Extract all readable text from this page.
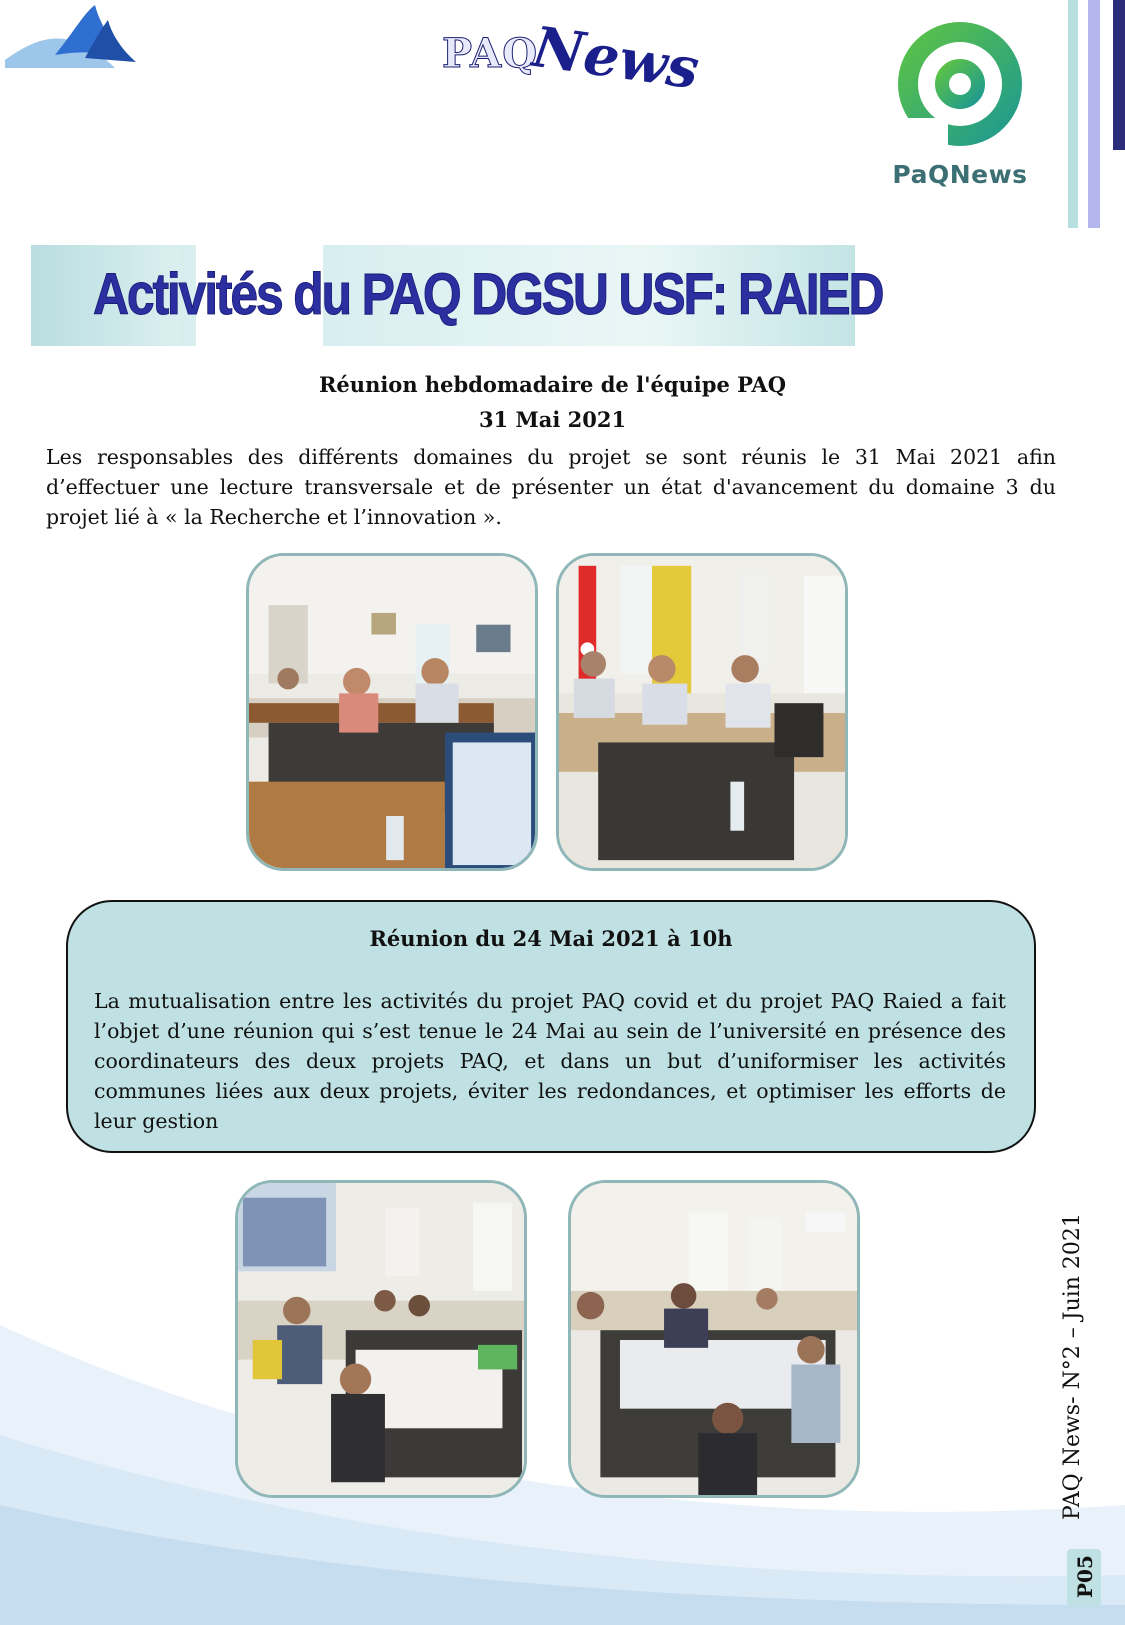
PAQ
News
PaQNews
Activités du PAQ DGSU USF: RAIED
Réunion hebdomadaire de l'équipe PAQ
31 Mai 2021
Les responsables des différents domaines du projet se sont réunis le 31 Mai 2021 afin d’effectuer une lecture transversale et de présenter un état d'avancement du domaine 3 du projet lié à « la Recherche et l’innovation ».
Réunion du 24 Mai 2021 à 10h
La mutualisation entre les activités du projet PAQ covid et du projet PAQ Raied a fait l’objet d’une réunion qui s’est tenue le 24 Mai au sein de l’université en présence des coordinateurs des deux projets PAQ, et dans un but d’uniformiser les activités communes liées aux deux projets, éviter les redondances, et optimiser les efforts de leur gestion
PAQ News- N°2 – Juin 2021
P05
